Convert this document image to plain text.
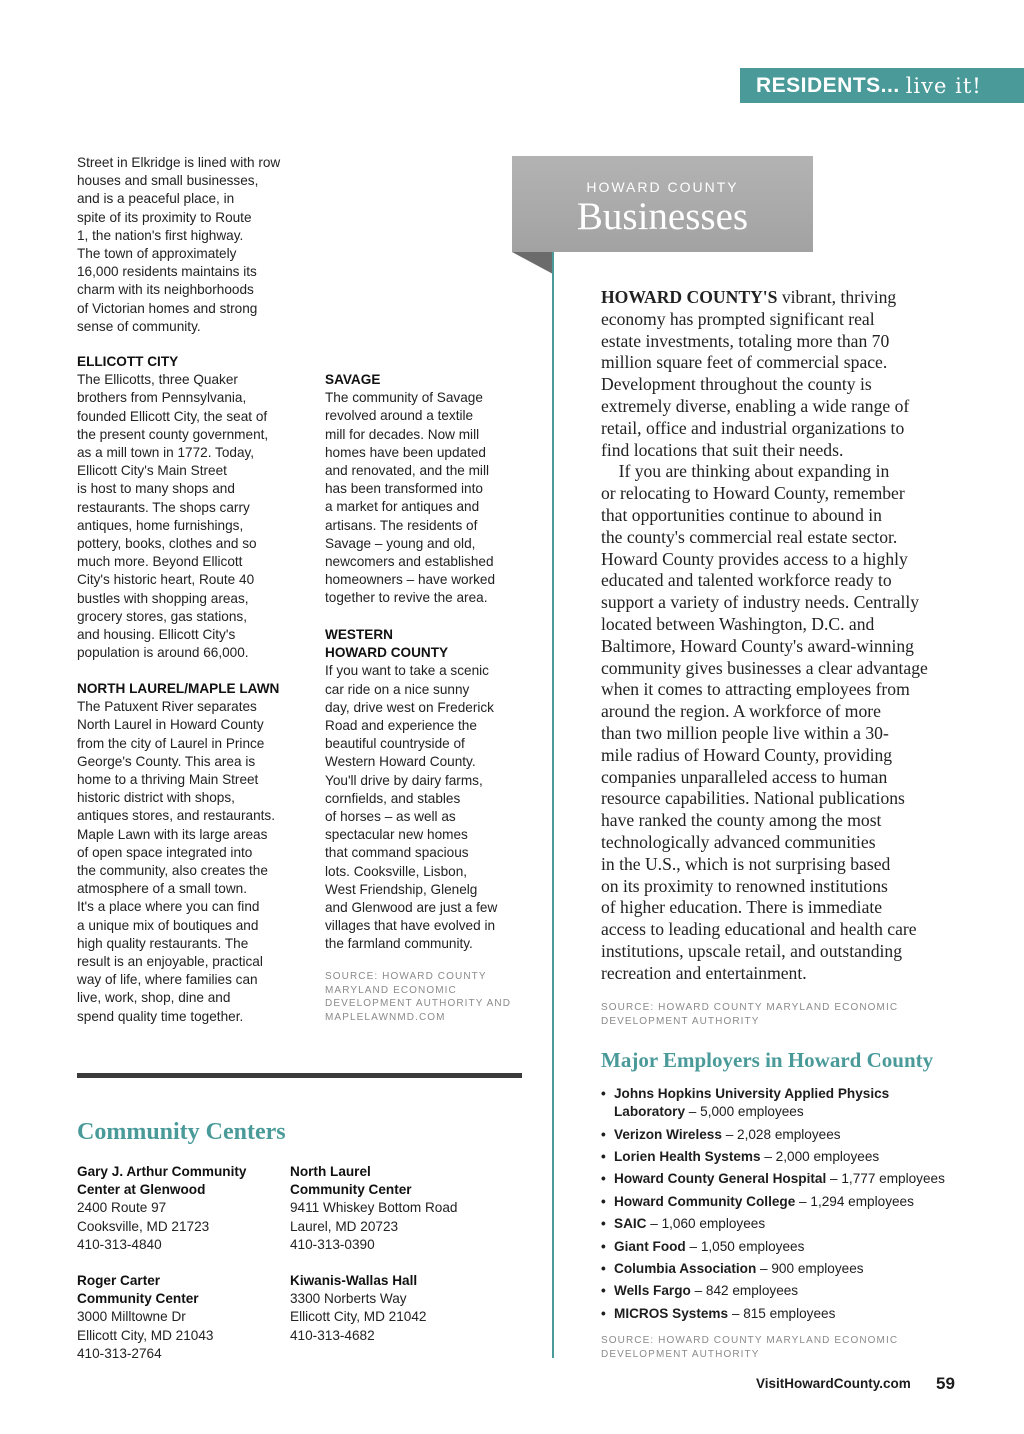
RESIDENTS... live it!

Street in Elkridge is lined with row

houses and small businesses,

and is a peaceful place, in

spite of its proximity to Route

1, the nation's first highway.

The town of approximately

16,000 residents maintains its

charm with its neighborhoods

of Victorian homes and strong

sense of community.

ELLICOTT CITY

The Ellicotts, three Quaker

brothers from Pennsylvania,

founded Ellicott City, the seat of

the present county government,

as a mill town in 1772. Today,

Ellicott City's Main Street

is host to many shops and

restaurants. The shops carry

antiques, home furnishings,

pottery, books, clothes and so

much more. Beyond Ellicott

City's historic heart, Route 40

bustles with shopping areas,

grocery stores, gas stations,

and housing. Ellicott City's

population is around 66,000.

NORTH LAUREL/MAPLE LAWN

The Patuxent River separates

North Laurel in Howard County

from the city of Laurel in Prince

George's County. This area is

home to a thriving Main Street

historic district with shops,

antiques stores, and restaurants.

Maple Lawn with its large areas

of open space integrated into

the community, also creates the

atmosphere of a small town.

It's a place where you can find

a unique mix of boutiques and

high quality restaurants. The

result is an enjoyable, practical

way of life, where families can

live, work, shop, dine and

spend quality time together.

SAVAGE

The community of Savage

revolved around a textile

mill for decades. Now mill

homes have been updated

and renovated, and the mill

has been transformed into

a market for antiques and

artisans. The residents of

Savage – young and old,

newcomers and established

homeowners – have worked

together to revive the area.

WESTERN

HOWARD COUNTY

If you want to take a scenic

car ride on a nice sunny

day, drive west on Frederick

Road and experience the

beautiful countryside of

Western Howard County.

You'll drive by dairy farms,

cornfields, and stables

of horses – as well as

spectacular new homes

that command spacious

lots. Cooksville, Lisbon,

West Friendship, Glenelg

and Glenwood are just a few

villages that have evolved in

the farmland community.

SOURCE: HOWARD COUNTY
MARYLAND ECONOMIC
DEVELOPMENT AUTHORITY AND
MAPLELAWNMD.COM
HOWARD COUNTY
Businesses
HOWARD COUNTY'S vibrant, thriving
economy has prompted significant real
estate investments, totaling more than 70
million square feet of commercial space.
Development throughout the county is
extremely diverse, enabling a wide range of
retail, office and industrial organizations to
find locations that suit their needs.
 If you are thinking about expanding in
or relocating to Howard County, remember
that opportunities continue to abound in
the county's commercial real estate sector.
Howard County provides access to a highly
educated and talented workforce ready to
support a variety of industry needs. Centrally
located between Washington, D.C. and
Baltimore, Howard County's award-winning
community gives businesses a clear advantage
when it comes to attracting employees from
around the region. A workforce of more
than two million people live within a 30-
mile radius of Howard County, providing
companies unparalleled access to human
resource capabilities. National publications
have ranked the county among the most
technologically advanced communities
in the U.S., which is not surprising based
on its proximity to renowned institutions
of higher education. There is immediate
access to leading educational and health care
institutions, upscale retail, and outstanding
recreation and entertainment.
SOURCE: HOWARD COUNTY MARYLAND ECONOMIC
DEVELOPMENT AUTHORITY
Major Employers in Howard County
• Johns Hopkins University Applied Physics
Laboratory – 5,000 employees
• Verizon Wireless – 2,028 employees
• Lorien Health Systems – 2,000 employees
• Howard County General Hospital – 1,777 employees
• Howard Community College – 1,294 employees
• SAIC – 1,060 employees
• Giant Food – 1,050 employees
• Columbia Association – 900 employees
• Wells Fargo – 842 employees
• MICROS Systems – 815 employees
SOURCE: HOWARD COUNTY MARYLAND ECONOMIC
DEVELOPMENT AUTHORITY
Community Centers
Gary J. Arthur Community
Center at Glenwood
2400 Route 97
Cooksville, MD 21723
410-313-4840
North Laurel
Community Center
9411 Whiskey Bottom Road
Laurel, MD 20723
410-313-0390
Roger Carter
Community Center
3000 Milltowne Dr
Ellicott City, MD 21043
410-313-2764
Kiwanis-Wallas Hall
3300 Norberts Way
Ellicott City, MD 21042
410-313-4682
VisitHowardCounty.com 59
